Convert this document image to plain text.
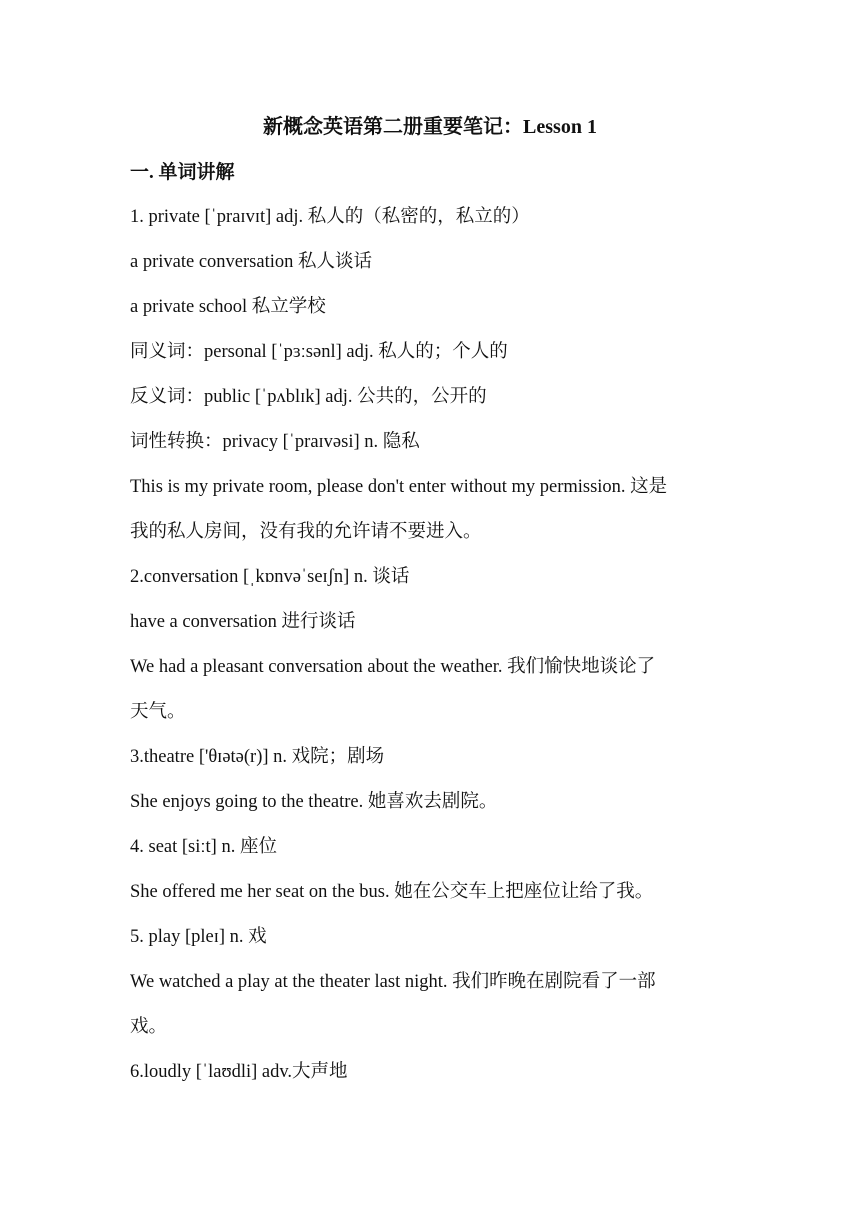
新概念英语第二册重要笔记：Lesson 1
一. 单词讲解
1. private [ˈpraɪvɪt] adj. 私人的（私密的，私立的）
a private conversation 私人谈话
a private school 私立学校
同义词：personal [ˈpɜːsənl] adj. 私人的；个人的
反义词：public [ˈpʌblɪk] adj. 公共的，公开的
词性转换：privacy [ˈpraɪvəsi] n. 隐私
This is my private room, please don't enter without my permission. 这是
我的私人房间，没有我的允许请不要进入。
2.conversation [ˌkɒnvəˈseɪʃn] n. 谈话
have a conversation 进行谈话
We had a pleasant conversation about the weather. 我们愉快地谈论了
天气。
3.theatre ['θɪətə(r)] n. 戏院；剧场
She enjoys going to the theatre. 她喜欢去剧院。
4. seat [siːt] n. 座位
She offered me her seat on the bus. 她在公交车上把座位让给了我。
5. play [pleɪ] n. 戏
We watched a play at the theater last night. 我们昨晚在剧院看了一部
戏。
6.loudly [ˈlaʊdli] adv.大声地
